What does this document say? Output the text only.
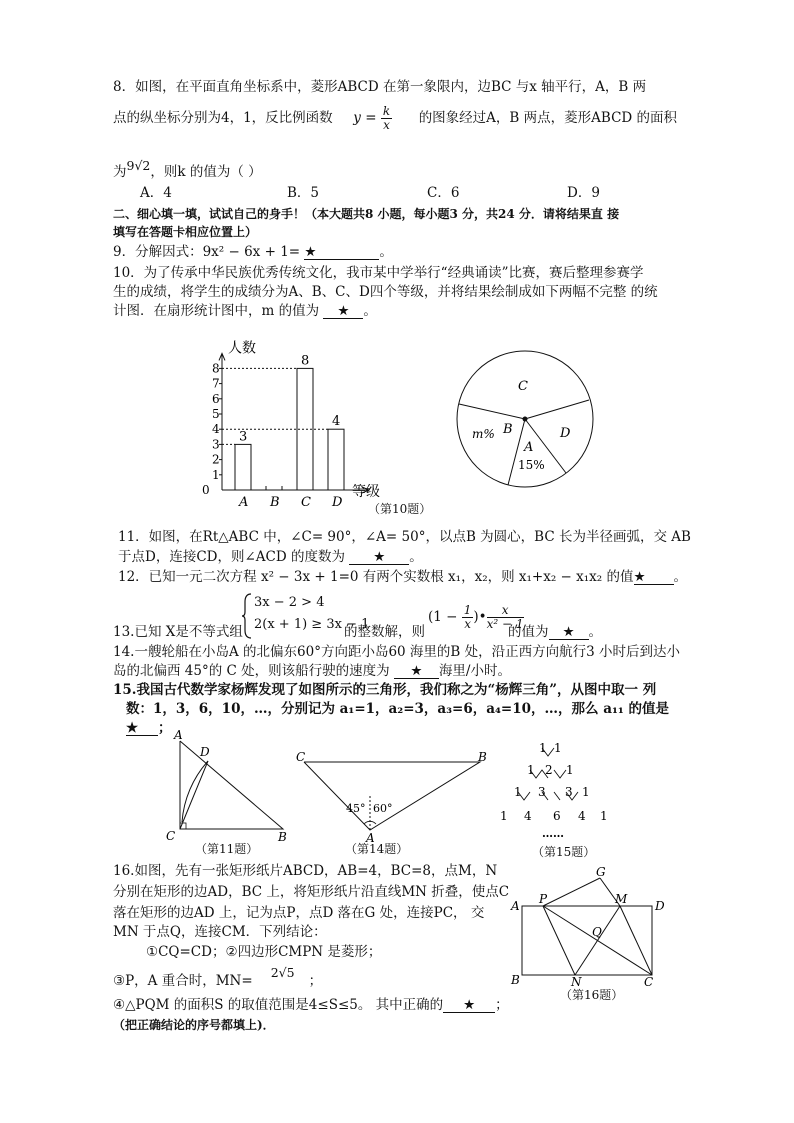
8．如图，在平面直角坐标系中，菱形ABCD 在第一象限内，边BC 与x 轴平行，A，B 两
点的纵坐标分别为4，1，反比例函数 $y = \frac{k}{x}$ 的图象经过A，B 两点，菱形ABCD 的面积
为9√2，则k 的值为（ ）
A．4	B．5	C．6	D．9
二、细心填一填，试试自己的身手！（本大题共8 小题，每小题3 分，共24 分．请将结果直 接
填写在答题卡相应位置上）
9．分解因式：9x² − 6x + 1= ★	。
10．为了传承中华民族优秀传统文化，我市某中学举行“经典诵读”比赛，赛后整理参赛学
生的成绩，将学生的成绩分为A、B、C、D四个等级，并将结果绘制成如下两幅不完整 的统
计图．在扇形统计图中，m 的值为 ★ 。
0
1
2
3
4
5
6
7
8
人数
等级
3
A B
8
C
4
D
C
D
A
B
m%
15%
（第10题）
11．如图，在Rt△ABC 中，∠C= 90°，∠A= 50°，以点B 为圆心，BC 长为半径画弧，交 AB
于点D，连接CD，则∠ACD 的度数为 ★ 。
12．已知一元二次方程 x² − 3x + 1=0 有两个实数根 x₁，x₂，则 x₁+x₂ − x₁x₂ 的值★ 。
13.已知 X是不等式组
3x − 2 > 4
2(x + 1) ≥ 3x − 1
的整数解，则
($1 - \frac{1}{x}$ )• $\frac{x}{\text{x² − 1}}$
的值为 ★ 。
14.一艘轮船在小岛A 的北偏东60°方向距小岛60 海里的B 处，沿正西方向航行3 小时后到达小
岛的北偏西 45°的 C 处，则该船行驶的速度为 ★ 海里/小时。
15.我国古代数学家杨辉发现了如图所示的三角形，我们称之为“杨辉三角”，从图中取一 列
数：1，3，6，10，…，分别记为 a₁=1，a₂=3，a₃=6，a₄=10，…，那么 a₁₁ 的值是
★ ； A
D
C	B
（第11题）
C	B
A
45° 60°
（第14题）
1 1
1 2 1
1 3 3 1
1 4 6 4 1
……
（第15题）
16.如图，先有一张矩形纸片ABCD，AB=4，BC=8，点M，N
分别在矩形的边AD，BC 上，将矩形纸片沿直线MN 折叠，使点C
落在矩形的边AD 上，记为点P，点D 落在G 处，连接PC， 交
MN 于点Q，连接CM．下列结论：
①CQ=CD；②四边形CMPN 是菱形；
③P，A 重合时，MN=2√5；
④△PQM 的面积S 的取值范围是4≤S≤5。 其中正确的 ★ ；
（把正确结论的序号都填上)．
A P	M D
G
Q
B	N	C
（第16题）
